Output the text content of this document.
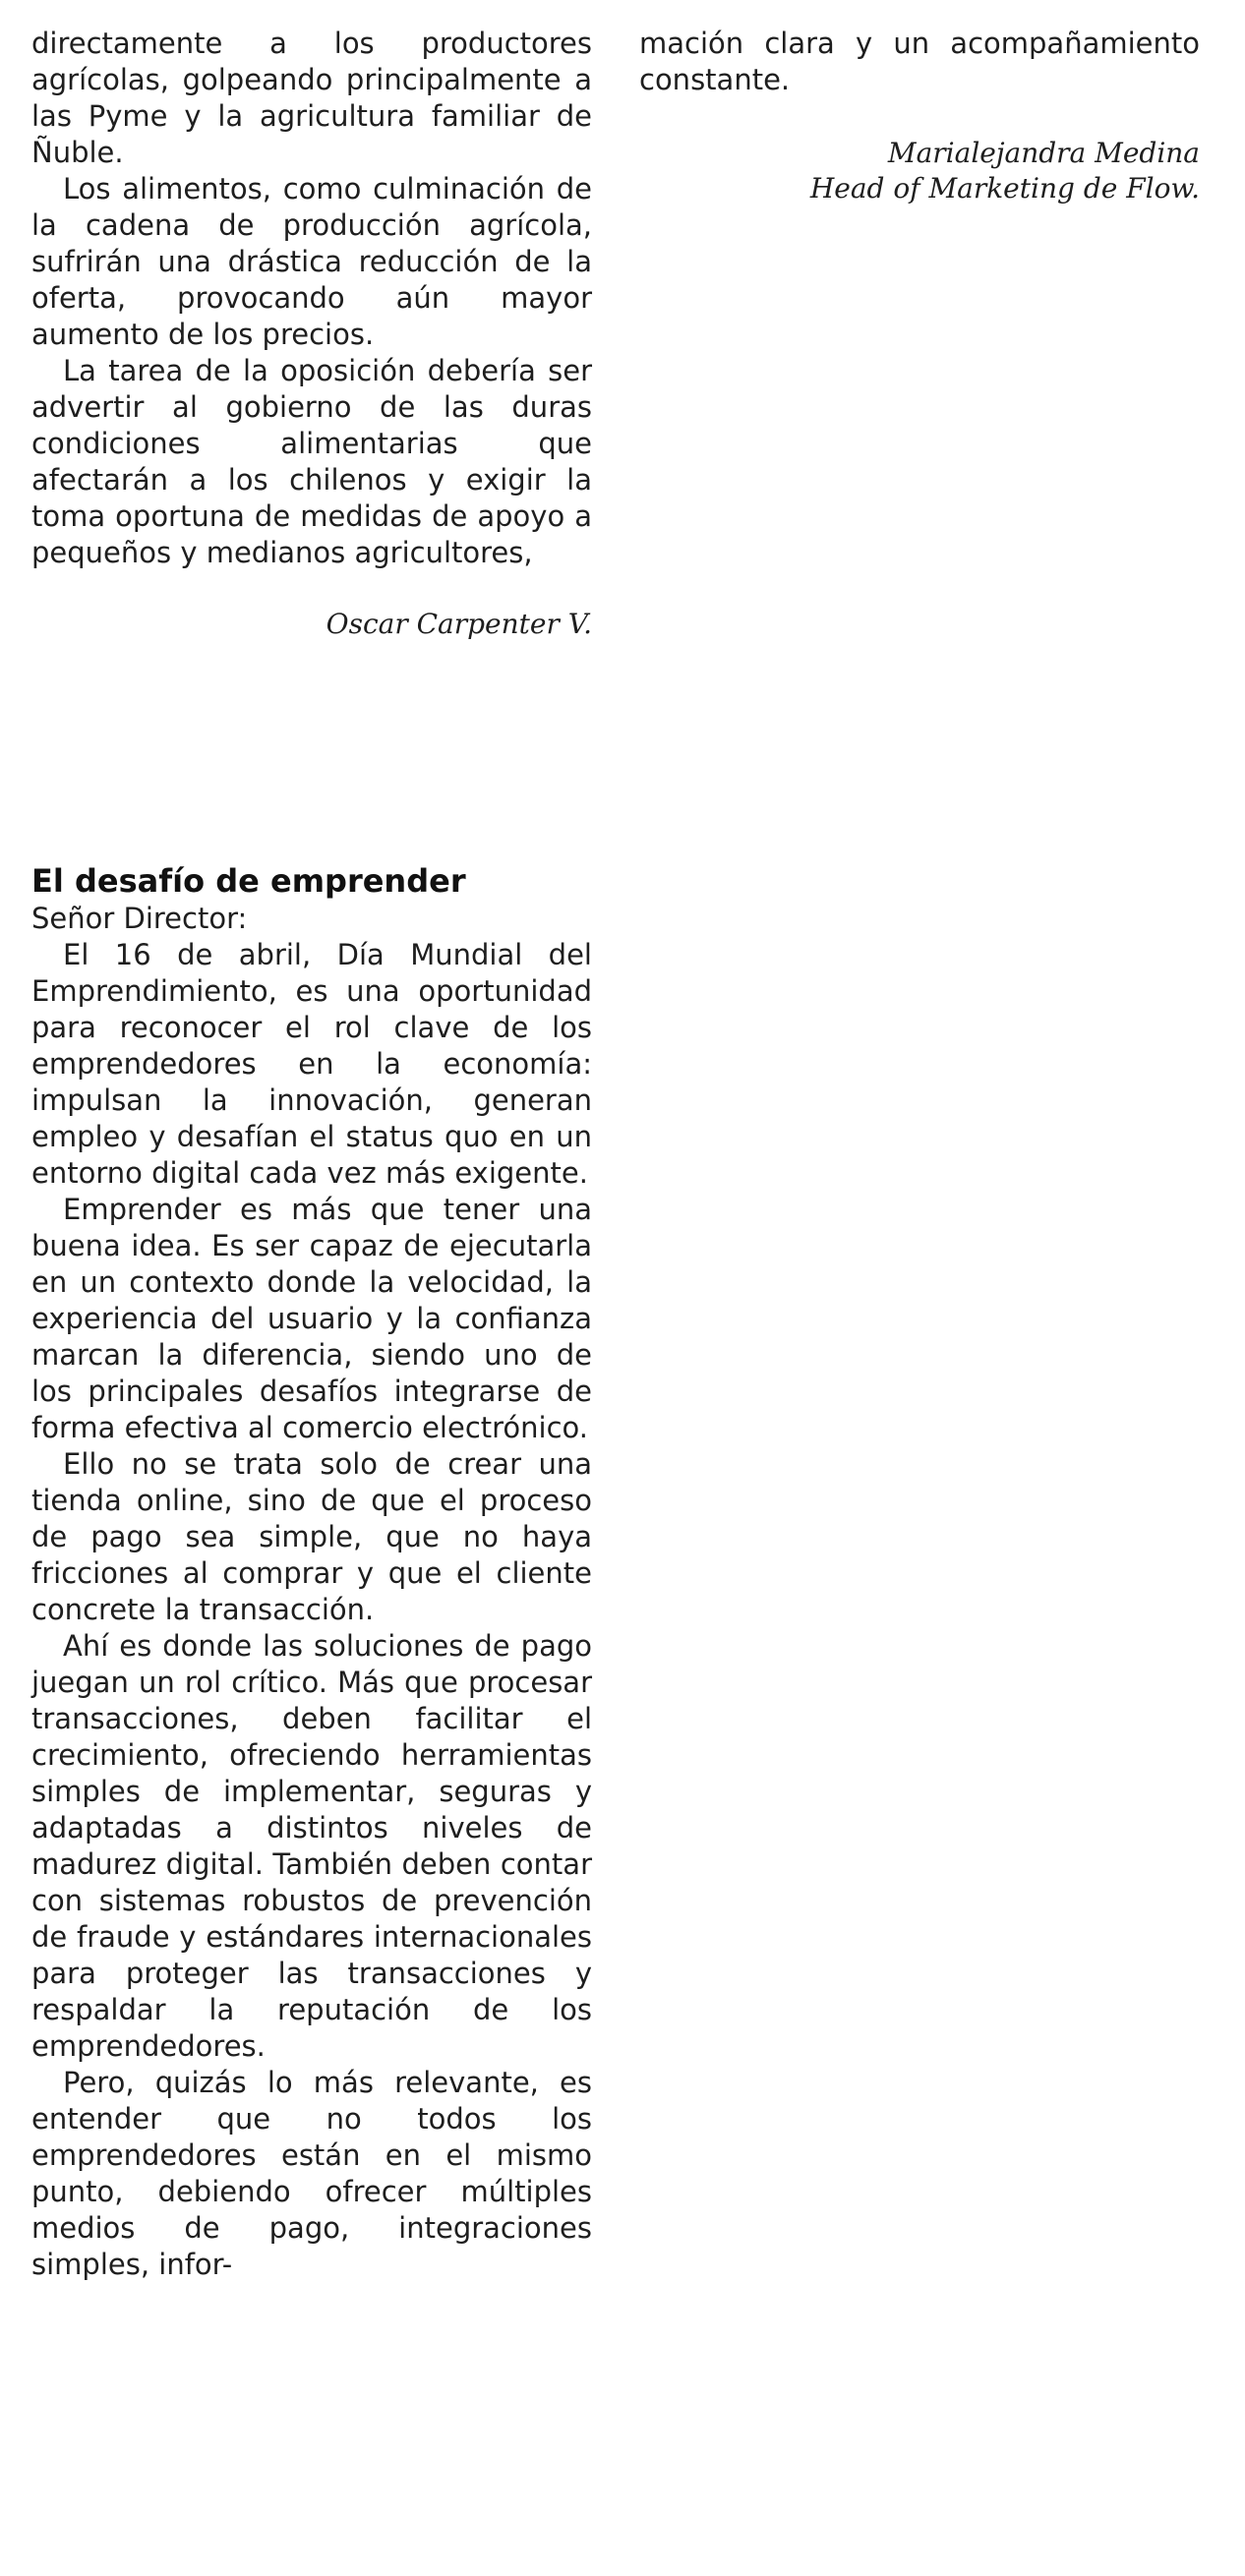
directamente a los productores agrícolas, golpeando principalmente a las Pyme y la agricultura familiar de Ñuble.

Los alimentos, como culminación de la cadena de producción agrícola, sufrirán una drástica reducción de la oferta, provocando aún mayor aumento de los precios.

La tarea de la oposición debería ser advertir al gobierno de las duras condiciones alimentarias que afectarán a los chilenos y exigir la toma oportuna de medidas de apoyo a pequeños y medianos agricultores,

Oscar Carpenter V.
El desafío de emprender

Señor Director:

El 16 de abril, Día Mundial del Emprendimiento, es una oportunidad para reconocer el rol clave de los emprendedores en la economía: impulsan la innovación, generan empleo y desafían el status quo en un entorno digital cada vez más exigente.

Emprender es más que tener una buena idea. Es ser capaz de ejecutarla en un contexto donde la velocidad, la experiencia del usuario y la confianza marcan la diferencia, siendo uno de los principales desafíos integrarse de forma efectiva al comercio electrónico.

Ello no se trata solo de crear una tienda online, sino de que el proceso de pago sea simple, que no haya fricciones al comprar y que el cliente concrete la transacción.

Ahí es donde las soluciones de pago juegan un rol crítico. Más que procesar transacciones, deben facilitar el crecimiento, ofreciendo herramientas simples de implementar, seguras y adaptadas a distintos niveles de madurez digital. También deben contar con sistemas robustos de prevención de fraude y estándares internacionales para proteger las transacciones y respaldar la reputación de los emprendedores.

Pero, quizás lo más relevante, es entender que no todos los emprendedores están en el mismo punto, debiendo ofrecer múltiples medios de pago, integraciones simples, infor-

mación clara y un acompañamiento constante.

Marialejandra Medina
Head of Marketing de Flow.
